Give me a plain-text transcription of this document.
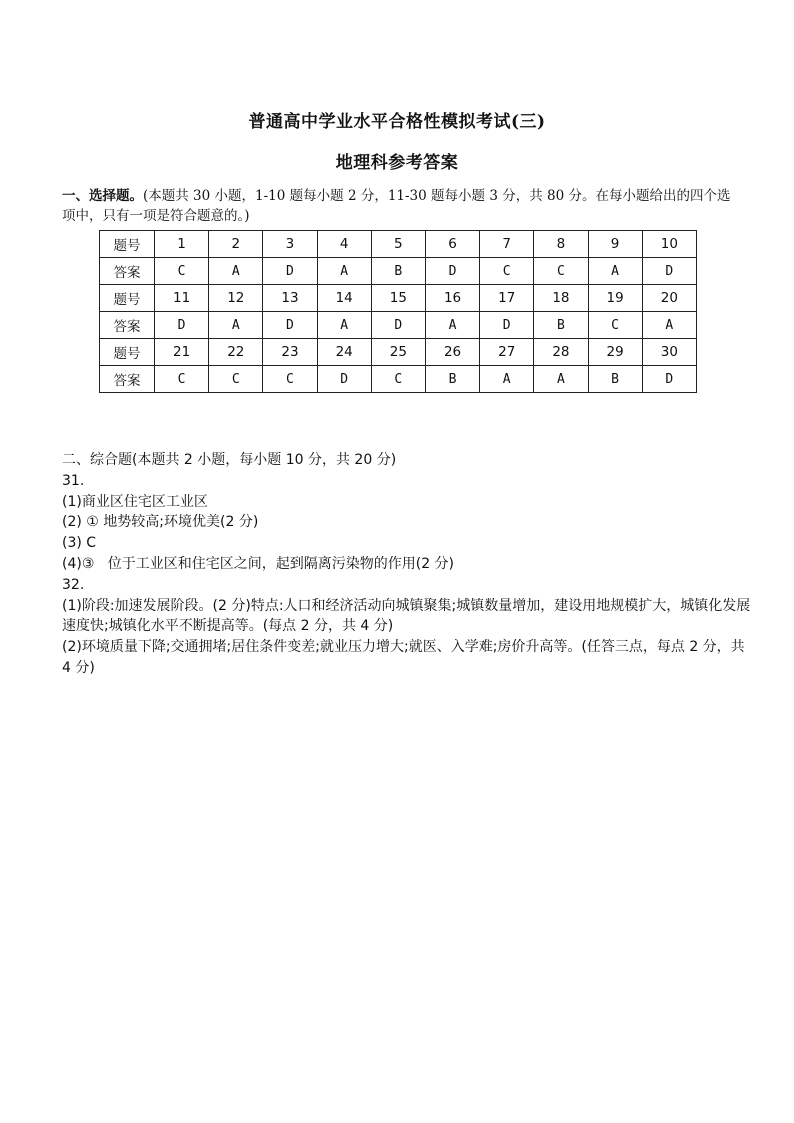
普通高中学业水平合格性模拟考试(三)
地理科参考答案
一、选择题。(本题共 30 小题，1-10 题每小题 2 分，11-30 题每小题 3 分，共 80 分。在每小题给出的四个选项中，只有一项是符合题意的。)
题号	1	2	3	4	5	6	7	8	9	10
答案	C	A	D	A	B	D	C	C	A	D
题号	11	12	13	14	15	16	17	18	19	20
答案	D	A	D	A	D	A	D	B	C	A
题号	21	22	23	24	25	26	27	28	29	30
答案	C	C	C	D	C	B	A	A	B	D
二、综合题(本题共 2 小题，每小题 10 分，共 20 分)
31.
(1)商业区住宅区工业区
(2) ① 地势较高;环境优美(2 分)
(3) C
(4)③   位于工业区和住宅区之间，起到隔离污染物的作用(2 分)
32.
(1)阶段:加速发展阶段。(2 分)特点:人口和经济活动向城镇聚集;城镇数量增加，建设用地规模扩大，城镇化发展速度快;城镇化水平不断提高等。(每点 2 分，共 4 分)
(2)环境质量下降;交通拥堵;居住条件变差;就业压力增大;就医、入学难;房价升高等。(任答三点，每点 2 分，共 4 分)
